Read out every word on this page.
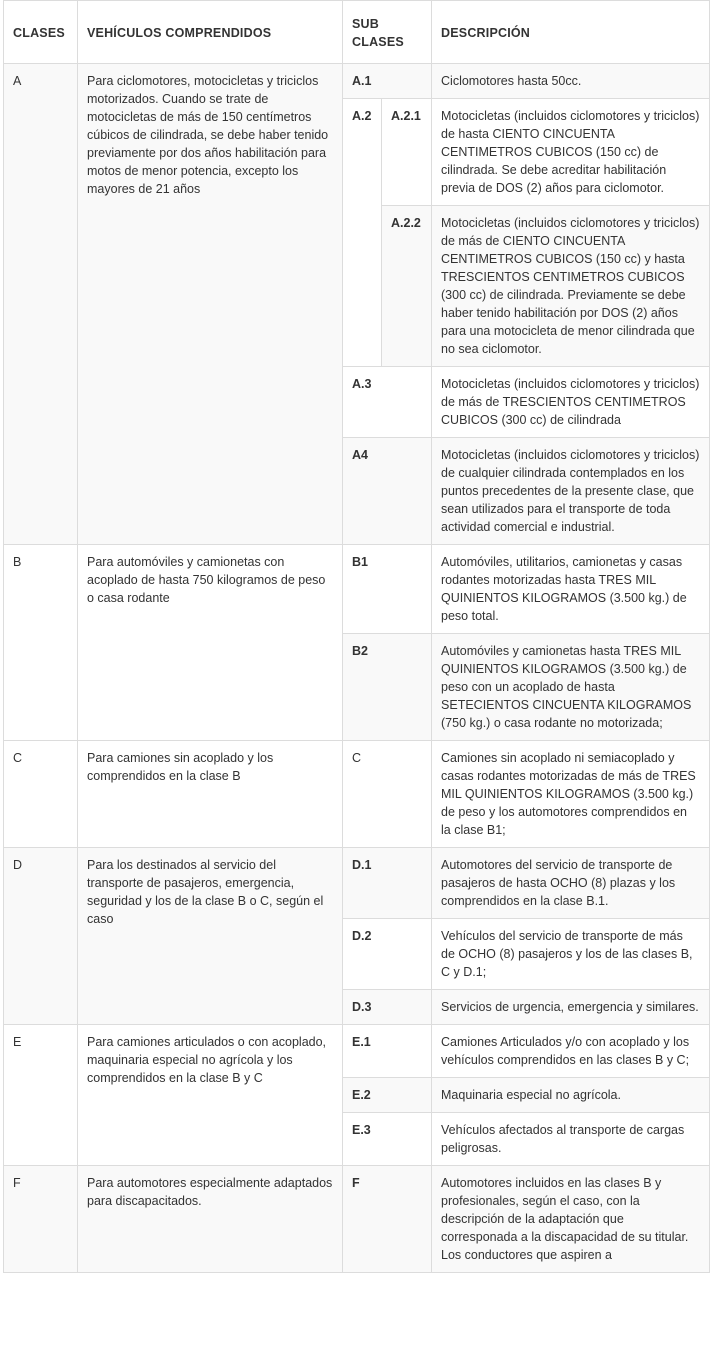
CLASES	VEHÍCULOS COMPRENDIDOS	SUB CLASES		DESCRIPCIÓN
A	Para ciclomotores, motocicletas y triciclos motorizados. Cuando se trate de motocicletas de más de 150 centímetros cúbicos de cilindrada, se debe haber tenido previamente por dos años habilitación para motos de menor potencia, excepto los mayores de 21 años	A.1		Ciclomotores hasta 50cc.
		A.2	A.2.1	Motocicletas (incluidos ciclomotores y triciclos) de hasta CIENTO CINCUENTA CENTIMETROS CUBICOS (150 cc) de cilindrada. Se debe acreditar habilitación previa de DOS (2) años para ciclomotor.
			A.2.2	Motocicletas (incluidos ciclomotores y triciclos) de más de CIENTO CINCUENTA CENTIMETROS CUBICOS (150 cc) y hasta TRESCIENTOS CENTIMETROS CUBICOS (300 cc) de cilindrada. Previamente se debe haber tenido habilitación por DOS (2) años para una motocicleta de menor cilindrada que no sea ciclomotor.
		A.3		Motocicletas (incluidos ciclomotores y triciclos) de más de TRESCIENTOS CENTIMETROS CUBICOS (300 cc) de cilindrada
		A4		Motocicletas (incluidos ciclomotores y triciclos) de cualquier cilindrada contemplados en los puntos precedentes de la presente clase, que sean utilizados para el transporte de toda actividad comercial e industrial.
B	Para automóviles y camionetas con acoplado de hasta 750 kilogramos de peso o casa rodante	B1		Automóviles, utilitarios, camionetas y casas rodantes motorizadas hasta TRES MIL QUINIENTOS KILOGRAMOS (3.500 kg.) de peso total.
		B2		Automóviles y camionetas hasta TRES MIL QUINIENTOS KILOGRAMOS (3.500 kg.) de peso con un acoplado de hasta SETECIENTOS CINCUENTA KILOGRAMOS (750 kg.) o casa rodante no motorizada;
C	Para camiones sin acoplado y los comprendidos en la clase B	C		Camiones sin acoplado ni semiacoplado y casas rodantes motorizadas de más de TRES MIL QUINIENTOS KILOGRAMOS (3.500 kg.) de peso y los automotores comprendidos en la clase B1;
D	Para los destinados al servicio del transporte de pasajeros, emergencia, seguridad y los de la clase B o C, según el caso	D.1		Automotores del servicio de transporte de pasajeros de hasta OCHO (8) plazas y los comprendidos en la clase B.1.
		D.2		Vehículos del servicio de transporte de más de OCHO (8) pasajeros y los de las clases B, C y D.1;
		D.3		Servicios de urgencia, emergencia y similares.
E	Para camiones articulados o con acoplado, maquinaria especial no agrícola y los comprendidos en la clase B y C	E.1		Camiones Articulados y/o con acoplado y los vehículos comprendidos en las clases B y C;
		E.2		Maquinaria especial no agrícola.
		E.3		Vehículos afectados al transporte de cargas peligrosas.
F	Para automotores especialmente adaptados para discapacitados.	F		Automotores incluidos en las clases B y profesionales, según el caso, con la descripción de la adaptación que corresponada a la discapacidad de su titular. Los conductores que aspiren a
